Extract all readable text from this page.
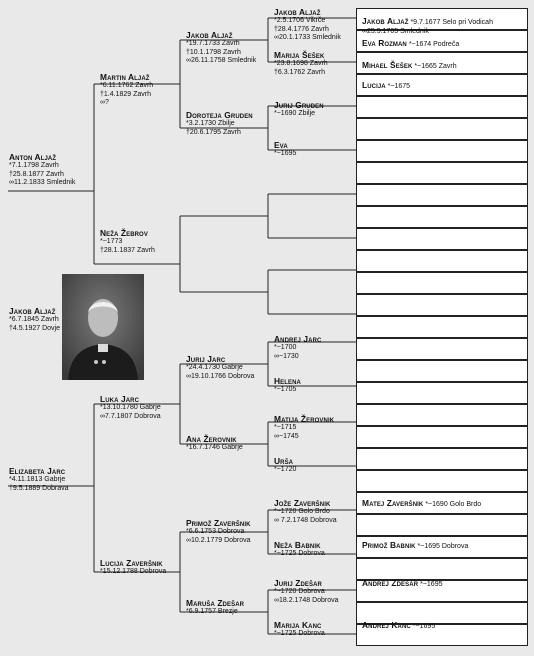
Anton Aljaž
*7.1.1798 Zavrh
†25.8.1877 Zavrh
∞11.2.1833 Smlednik
Jakob Aljaž
*6.7.1845 Zavrh
†4.5.1927 Dovje
Elizabeta Jarc
*4.11.1813 Gabrje
†9.5.1889 Dobrava
Martin Aljaž
*6.11.1762 Zavrh
†1.4.1829 Zavrh
∞?
Neža Žebrov
*~1773
†28.1.1837 Zavrh
Luka Jarc
*13.10.1780 Gabrje
∞7.7.1807 Dobrova
Lucija Zaveršnik
*15.12.1788 Dobrova
Jakob Aljaž
*19.7.1733 Zavrh
†10.1.1798 Zavrh
∞26.11.1758 Smlednik
Doroteja Gruden
*3.2.1730 Zbilje
†20.6.1795 Zavrh
Jurij Jarc
*24.4.1730 Gabrje
∞19.10.1766 Dobrova
Ana Žerovnik
*16.7.1746 Gabrje
Primož Zaveršnik
*6.6.1753 Dobrova
∞10.2.1779 Dobrova
Maruša Zdešar
*6.9.1757 Brezje
Jakob Aljaž
*2.5.1706 Vikrče
†28.4.1776 Zavrh
∞20.1.1733 Smlednik
Marija Šešek
*23.8.1698 Zavrh
†6.3.1762 Zavrh
Jurij Gruden
*~1690 Zbilje
Eva
*~1695
Andrej Jarc
*~1700
∞~1730
Helena
*~1705
Matija Žerovnik
*~1715
∞~1745
Urša
*~1720
Jože Zaveršnik
*~1720 Golo Brdo
∞ 7.2.1748 Dobrova
Neža Babnik
*~1725 Dobrova
Jurij Zdešar
*~1720 Dobrova
∞18.2.1748 Dobrova
Marija Kanc
*~1725 Dobrova
Jakob Aljaž *9.7.1677 Selo pri Vodicah
∞25.5.1705 Smlednik
Eva Rozman *~1674 Podreča
Mihael Šešek *~1665 Zavrh
Lucija *~1675
Matej Zaveršnik *~1690 Golo Brdo
Primož Babnik *~1695 Dobrova
Andrej Zdešar *~1695
Andrej Kanc *~1695
